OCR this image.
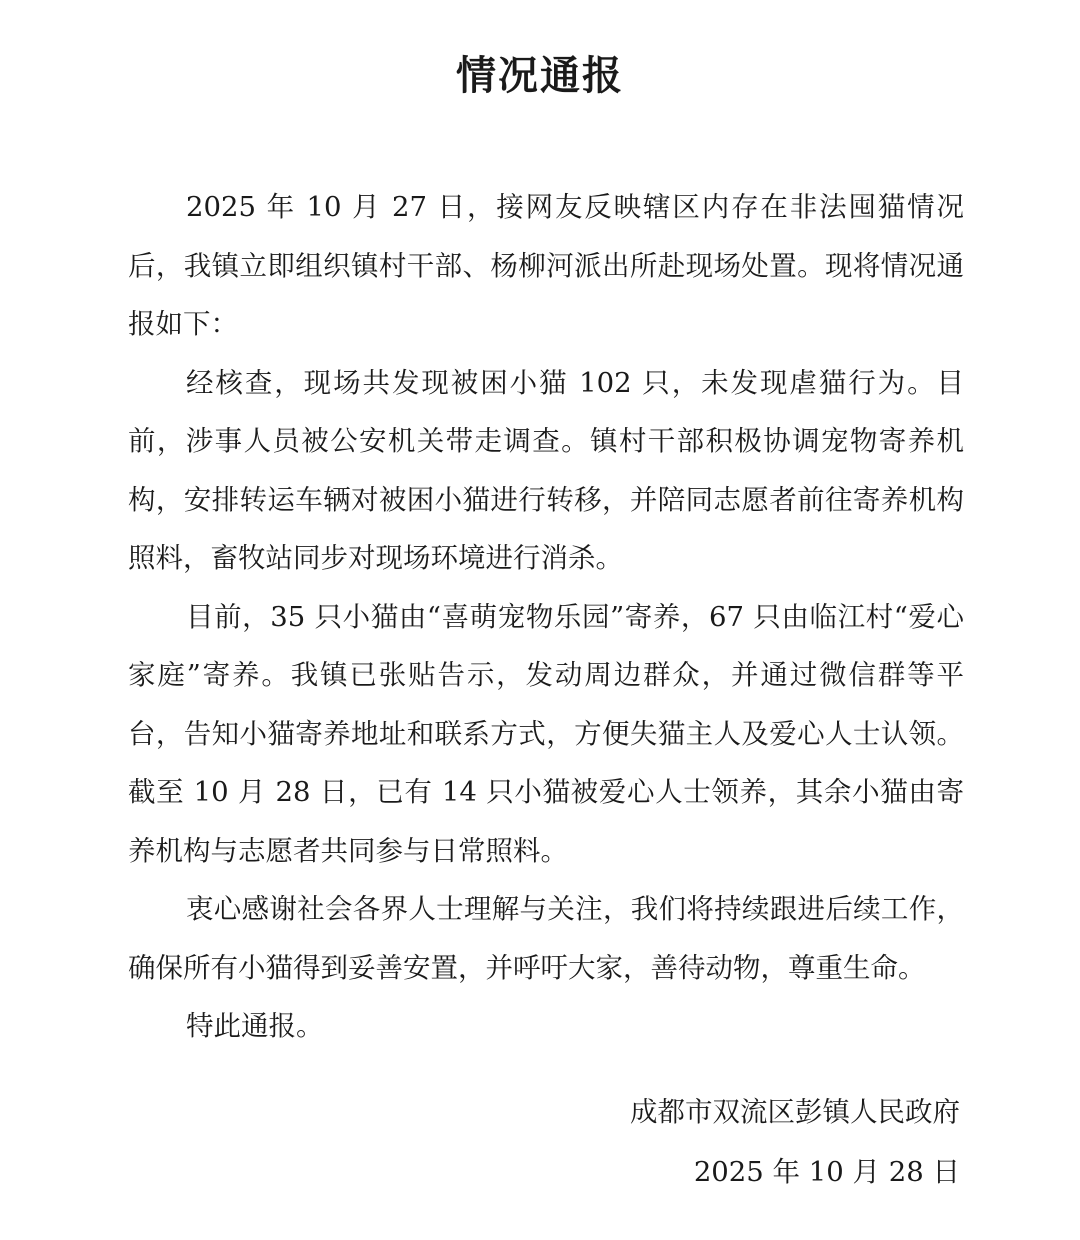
情况通报

2025 年 10 月 27 日，接网友反映辖区内存在非法囤猫情况后，我镇立即组织镇村干部、杨柳河派出所赴现场处置。现将情况通报如下：

经核查，现场共发现被困小猫 102 只，未发现虐猫行为。目前，涉事人员被公安机关带走调查。镇村干部积极协调宠物寄养机构，安排转运车辆对被困小猫进行转移，并陪同志愿者前往寄养机构照料，畜牧站同步对现场环境进行消杀。

目前，35 只小猫由“喜萌宠物乐园”寄养，67 只由临江村“爱心家庭”寄养。我镇已张贴告示，发动周边群众，并通过微信群等平台，告知小猫寄养地址和联系方式，方便失猫主人及爱心人士认领。截至 10 月 28 日，已有 14 只小猫被爱心人士领养，其余小猫由寄养机构与志愿者共同参与日常照料。

衷心感谢社会各界人士理解与关注，我们将持续跟进后续工作，确保所有小猫得到妥善安置，并呼吁大家，善待动物，尊重生命。

特此通报。

成都市双流区彭镇人民政府
2025 年 10 月 28 日
